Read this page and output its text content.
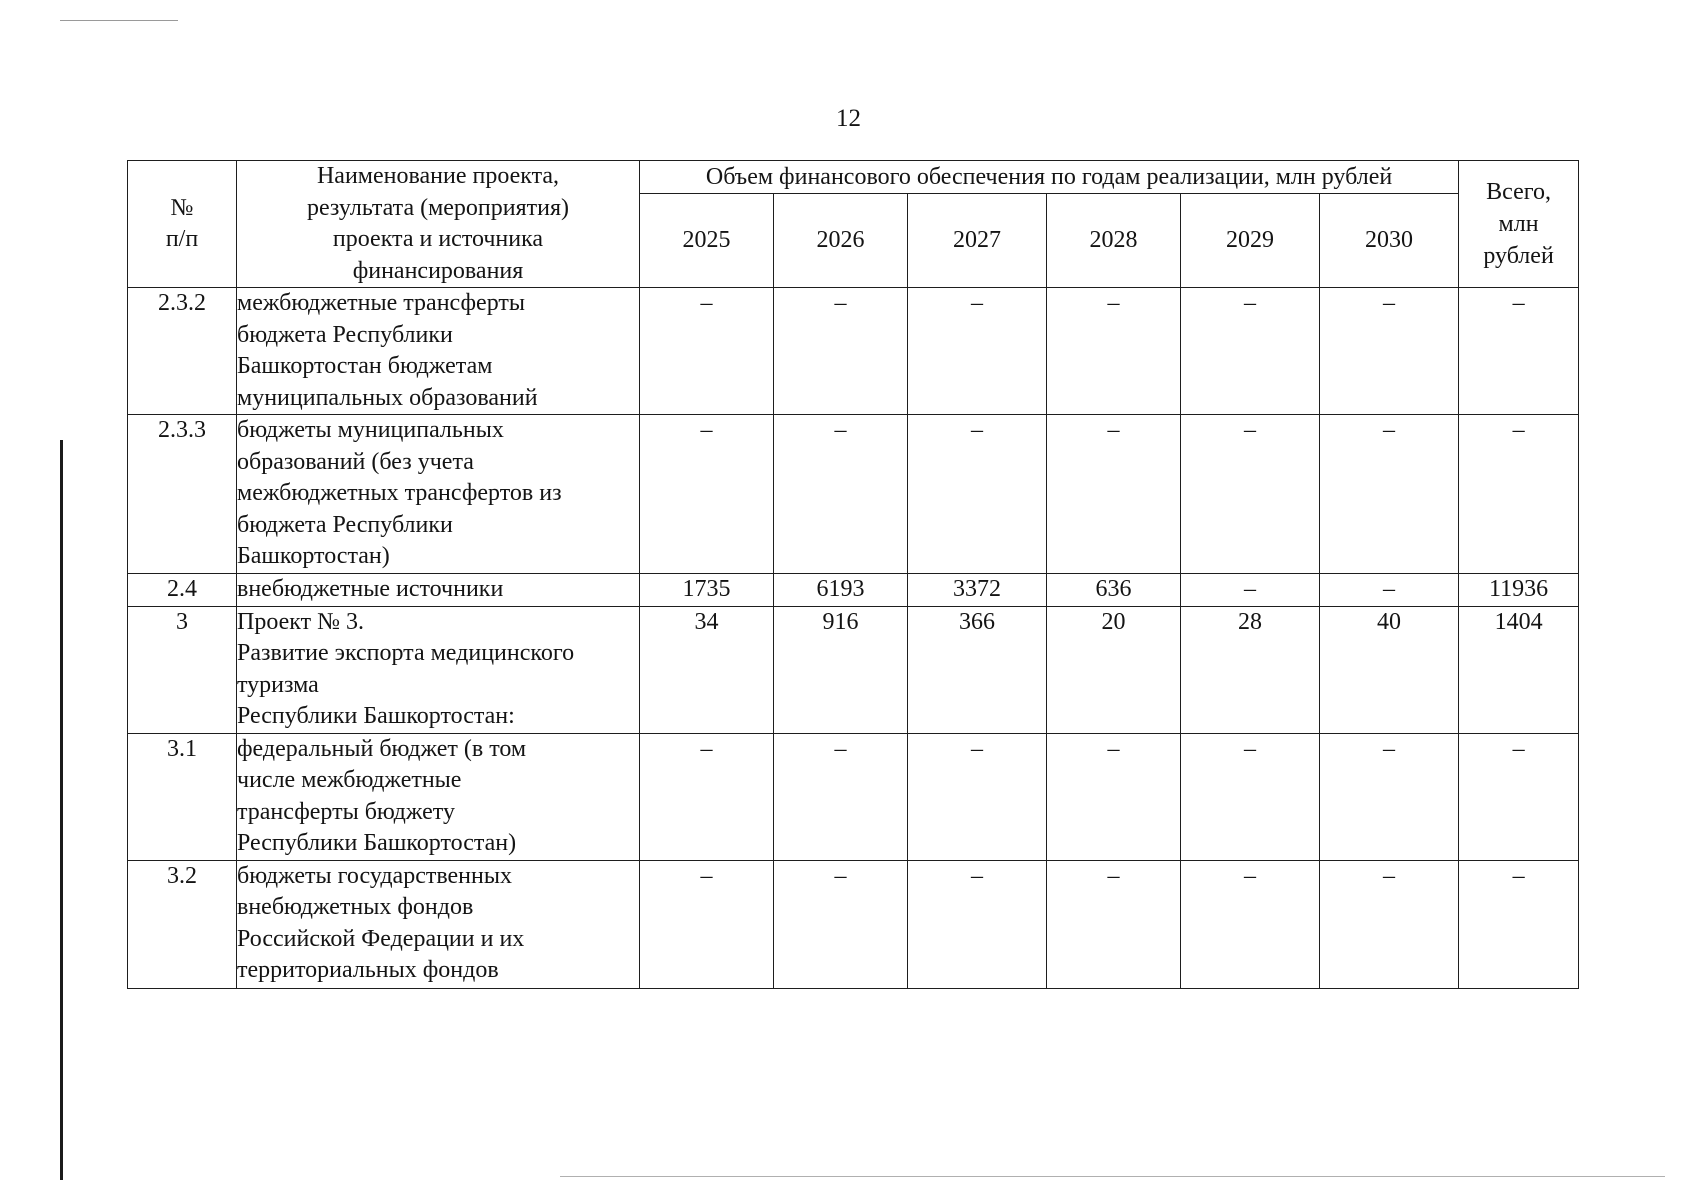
12
№
п/п	Наименование проекта,
результата (мероприятия)
проекта и источника
финансирования	Объем финансового обеспечения по годам реализации, млн рублей						Всего,
млн
рублей

		2025	2026	2027	2028	2029	2030	
2.3.2	межбюджетные трансферты
бюджета Республики
Башкортостан бюджетам
муниципальных образований	–	–	–	–	–	–	–
2.3.3	бюджеты муниципальных
образований (без учета
межбюджетных трансфертов из
бюджета Республики
Башкортостан)	–	–	–	–	–	–	–
2.4	внебюджетные источники	1735	6193	3372	636	–	–	11936
3	Проект № 3.
Развитие экспорта медицинского
туризма
Республики Башкортостан:	34	916	366	20	28	40	1404
3.1	федеральный бюджет (в том
числе межбюджетные
трансферты бюджету
Республики Башкортостан)	–	–	–	–	–	–	–
3.2	бюджеты государственных
внебюджетных фондов
Российской Федерации и их
территориальных фондов	–	–	–	–	–	–	–
